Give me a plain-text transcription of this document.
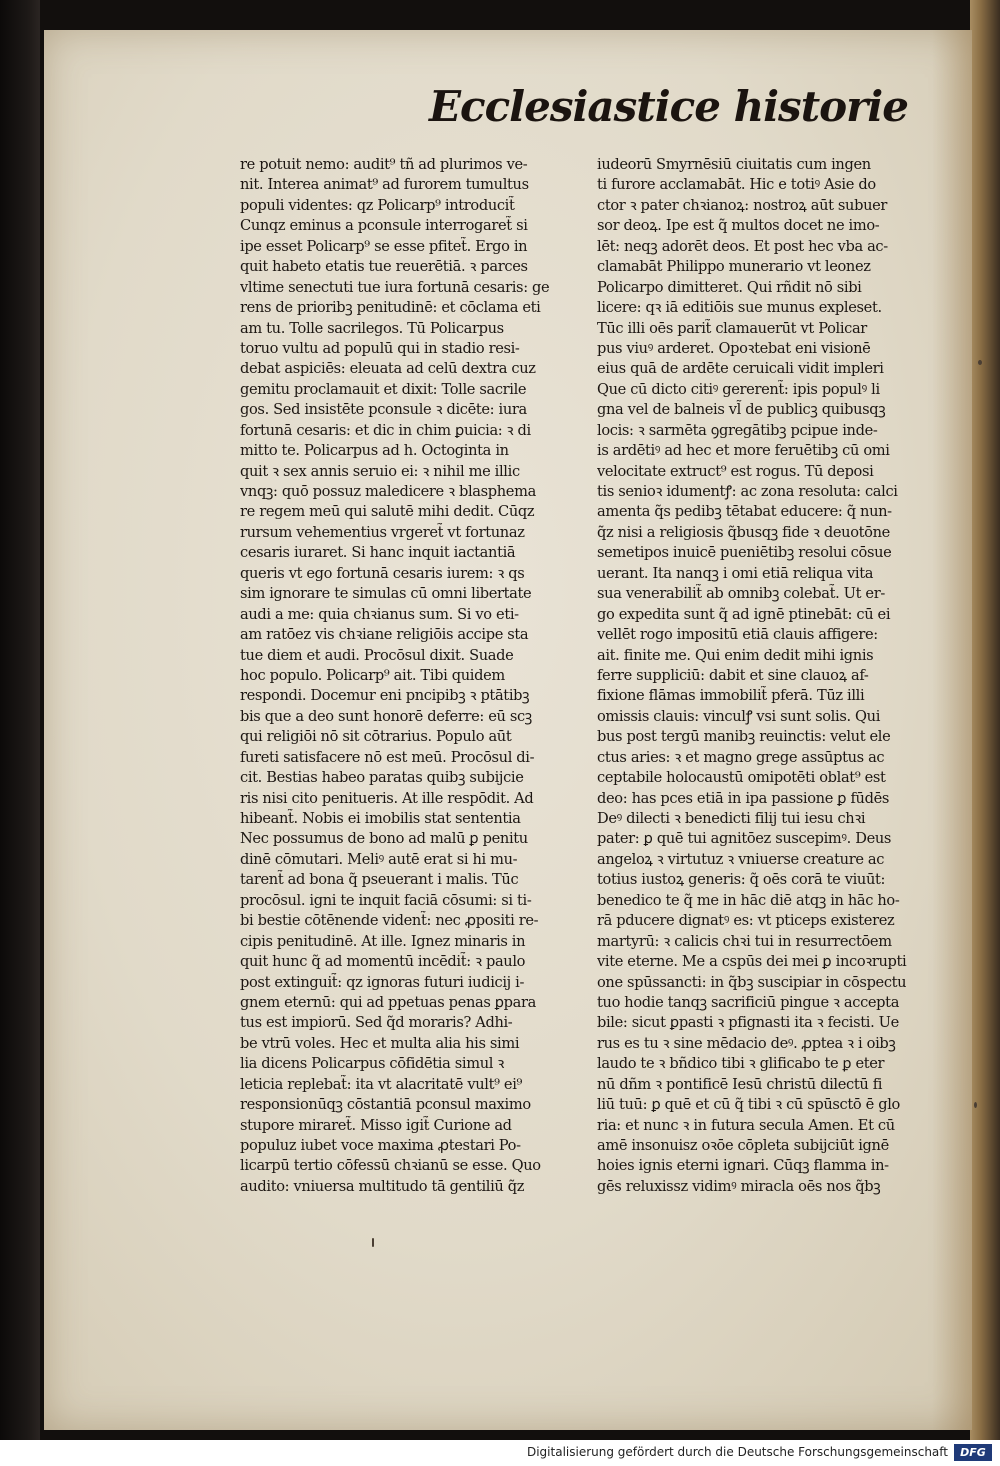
Ecclesiastice historie
re potuit nemo: audit⁹ tñ ad plurimos ve-
nit. Interea animat⁹ ad furorem tumultus
populi videntes: qz Policarp⁹ introducit̃
Cunqz eminus a pconsule interrogaret̃ si
ipe esset Policarp⁹ se esse pfitet̃. Ergo in
quit habeto etatis tue reuerētiā. ꝛ parces
vltime senectuti tue iura fortunā cesaris: ge
rens de prioribꝫ penitudinē: et cōclama eti
am tu. Tolle sacrilegos. Tū Policarpus
toruo vultu ad populū qui in stadio resi-
debat aspiciēs: eleuata ad celū dextra cuz
gemitu proclamauit et dixit: Tolle sacrile
gos. Sed insistēte pconsule ꝛ dicēte: iura
fortunā cesaris: et dic in chim ꝑuicia: ꝛ di
mitto te. Policarpus ad h. Octoginta in
quit ꝛ sex annis seruio ei: ꝛ nihil me illic
vnqꝫ: quō possuz maledicere ꝛ blasphema
re regem meū qui salutē mihi dedit. Cūqz
rursum vehementius vrgeret̃ vt fortunaz
cesaris iuraret. Si hanc inquit iactantiā
queris vt ego fortunā cesaris iurem: ꝛ qs
sim ignorare te simulas cū omni libertate
audi a me: quia chꝛianus sum. Si vo eti-
am ratōez vis chꝛiane religiōis accipe sta
tue diem et audi. Procōsul dixit. Suade
hoc populo. Policarp⁹ ait. Tibi quidem
respondi. Docemur eni pncipibꝫ ꝛ ptātibꝫ
bis que a deo sunt honorē deferre: eū scꝫ
qui religiōi nō sit cōtrarius. Populo aūt
fureti satisfacere nō est meū. Procōsul di-
cit. Bestias habeo paratas quibꝫ subijcie
ris nisi cito penitueris. At ille respōdit. Ad
hibeant̃. Nobis ei imobilis stat sententia
Nec possumus de bono ad malū ꝑ penitu
dinē cōmutari. Meliꝰ autē erat si hi mu-
tarent̃ ad bona q̃ pseuerant i malis. Tūc
procōsul. igni te inquit faciā cōsumi: si ti-
bi bestie cōtēnende vident̃: nec ꝓpositi re-
cipis penitudinē. At ille. Ignez minaris in
quit hunc q̃ ad momentū incēdit̃: ꝛ paulo
post extinguit̃: qz ignoras futuri iudicij i-
gnem eternū: qui ad ppetuas penas ꝑpara
tus est impiorū. Sed q̃d moraris? Adhi-
be vtrū voles. Hec et multa alia his simi
lia dicens Policarpus cōfidētia simul ꝛ
leticia replebat̃: ita vt alacritatē vult⁹ ei⁹
responsionūqꝫ cōstantiā pconsul maximo
stupore miraret̃. Misso igit̃ Curione ad
populuz iubet voce maxima ꝓtestari Po-
licarpū tertio cōfessū chꝛianū se esse. Quo
audito: vniuersa multitudo tā gentiliū q̃z
iudeorū Smyrnēsiū ciuitatis cum ingen
ti furore acclamabāt. Hic e totiꝰ Asie do
ctor ꝛ pater chꝛianoꝝ: nostroꝝ aūt subuer
sor deoꝝ. Ipe est q̃ multos docet ne imo-
lēt: neqꝫ adorēt deos. Et post hec vba ac-
clamabāt Philippo munerario vt leonez
Policarpo dimitteret. Qui rñdit nō sibi
licere: qꝛ iā editiōis sue munus expleset.
Tūc illi oēs parit̃ clamauerūt vt Policar
pus viuꝰ arderet. Opoꝛtebat eni visionē
eius quā de ardēte ceruicali vidit impleri
Que cū dicto citiꝰ gererent̃: ipis populꝰ li
gna vel de balneis vl̃ de publicꝫ quibusqꝫ
locis: ꝛ sarmēta ꝯgregātibꝫ pcipue inde-
is ardētiꝰ ad hec et more feruētibꝫ cū omi
velocitate extruct⁹ est rogus. Tū deposi
tis senioꝛ idumentꝭ: ac zona resoluta: calci
amenta q̃s pedibꝫ tētabat educere: q̃ nun-
q̃z nisi a religiosis q̃busqꝫ fide ꝛ deuotōne
semetipos inuicē pueniētibꝫ resolui cōsue
uerant. Ita nanqꝫ i omi etiā reliqua vita
sua venerabilit̃ ab omnibꝫ colebat̃. Ut er-
go expedita sunt q̃ ad ignē ptinebāt: cū ei
vellēt rogo impositū etiā clauis affigere:
ait. finite me. Qui enim dedit mihi ignis
ferre suppliciū: dabit et sine clauoꝝ af-
fixione flāmas immobilit̃ pferā. Tūz illi
omissis clauis: vinculꝭ vsi sunt solis. Qui
bus post tergū manibꝫ reuinctis: velut ele
ctus aries: ꝛ et magno grege assūptus ac
ceptabile holocaustū omipotēti oblat⁹ est
deo: has pces etiā in ipa passione ꝑ fūdēs
Deꝰ dilecti ꝛ benedicti filij tui iesu chꝛi
pater: ꝑ quē tui agnitōez suscepimꝰ. Deus
angeloꝝ ꝛ virtutuz ꝛ vniuerse creature ac
totius iustoꝝ generis: q̃ oēs corā te viuūt:
benedico te q̃ me in hāc diē atqꝫ in hāc ho-
rā pducere dignatꝰ es: vt pticeps existerez
martyrū: ꝛ calicis chꝛi tui in resurrectōem
vite eterne. Me a cspūs dei mei ꝑ incoꝛrupti
one spūssancti: in q̃bꝫ suscipiar in cōspectu
tuo hodie tanqꝫ sacrificiū pingue ꝛ accepta
bile: sicut ꝑpasti ꝛ pfignasti ita ꝛ fecisti. Ue
rus es tu ꝛ sine mēdacio deꝰ. ꝓptea ꝛ i oibꝫ
laudo te ꝛ bñdico tibi ꝛ glificabo te ꝑ eter
nū dñm ꝛ pontificē Iesū christū dilectū fi
liū tuū: ꝑ quē et cū q̃ tibi ꝛ cū spūsctō ē glo
ria: et nunc ꝛ in futura secula Amen. Et cū
amē insonuisz oꝛōe cōpleta subijciūt ignē
hoies ignis eterni ignari. Cūqꝫ flamma in-
gēs reluxissz vidimꝰ miracla oēs nos q̃bꝫ
Digitalisierung gefördert durch die Deutsche Forschungsgemeinschaft	DFG
